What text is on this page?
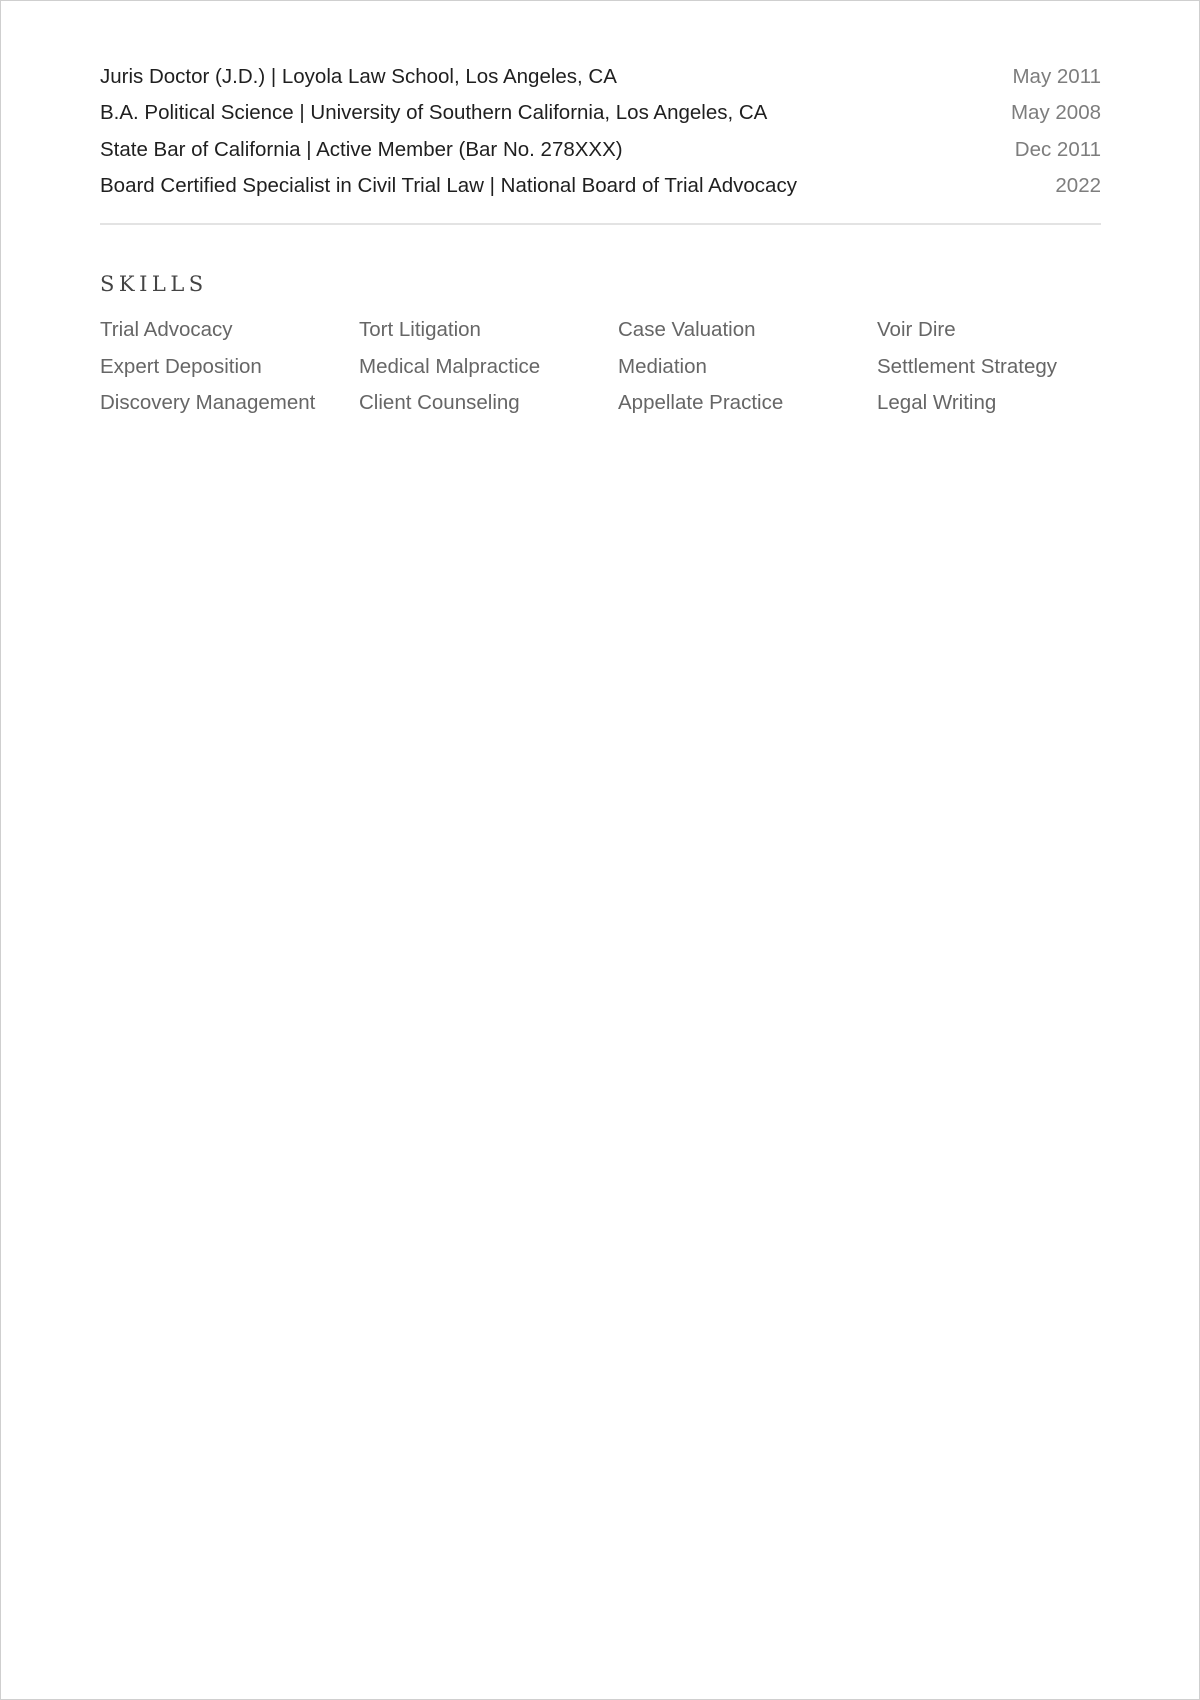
Juris Doctor (J.D.) | Loyola Law School, Los Angeles, CA	May 2011
B.A. Political Science | University of Southern California, Los Angeles, CA	May 2008
State Bar of California | Active Member (Bar No. 278XXX)	Dec 2011
Board Certified Specialist in Civil Trial Law | National Board of Trial Advocacy	2022
SKILLS
Trial Advocacy	Tort Litigation	Case Valuation	Voir Dire
Expert Deposition	Medical Malpractice	Mediation	Settlement Strategy
Discovery Management	Client Counseling	Appellate Practice	Legal Writing
